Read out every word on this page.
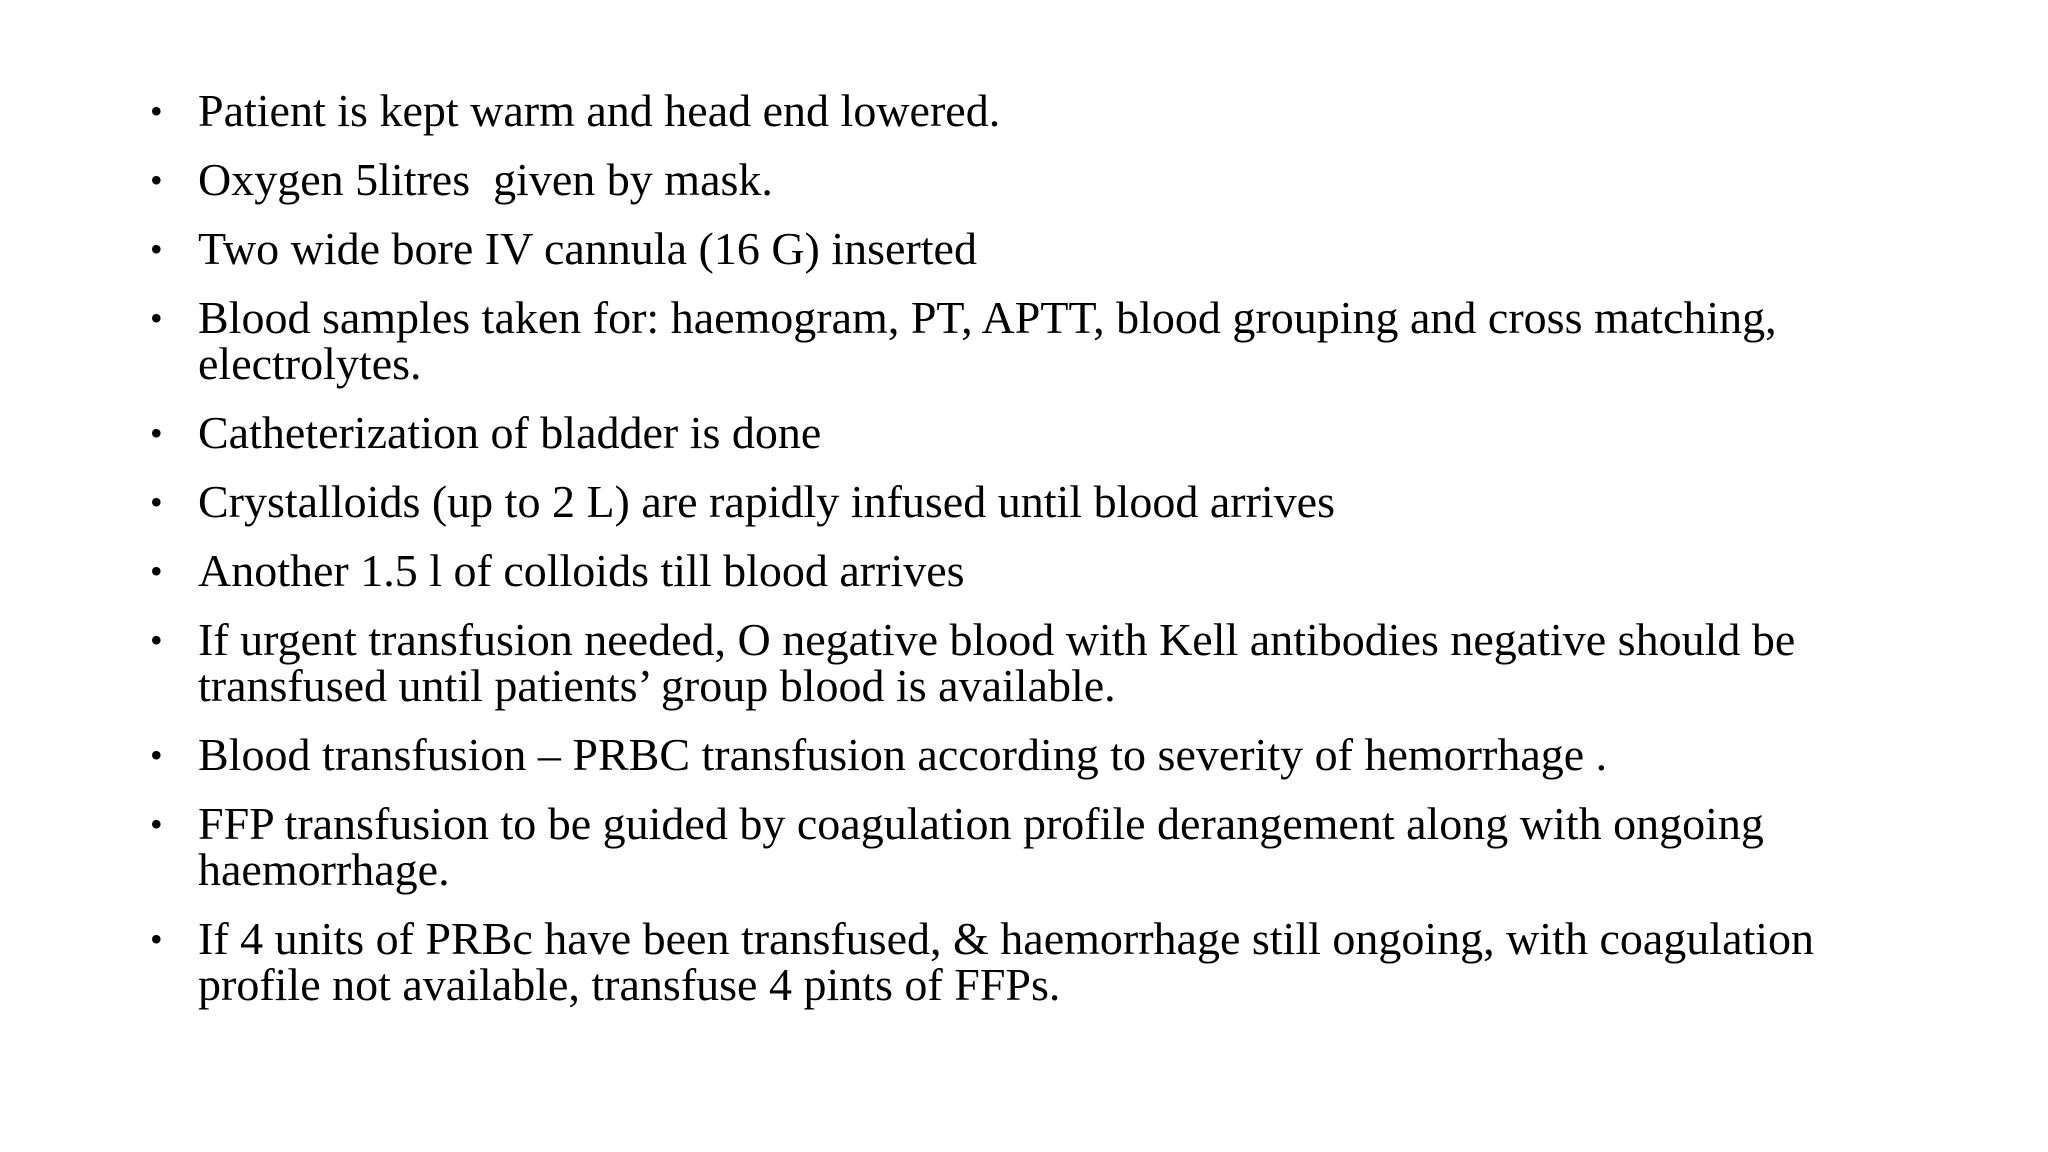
• Patient is kept warm and head end lowered.
• Oxygen 5litres  given by mask.
• Two wide bore IV cannula (16 G) inserted
• Blood samples taken for: haemogram, PT, APTT, blood grouping and cross matching, electrolytes.
• Catheterization of bladder is done
• Crystalloids (up to 2 L) are rapidly infused until blood arrives
• Another 1.5 l of colloids till blood arrives
• If urgent transfusion needed, O negative blood with Kell antibodies negative should be transfused until patients’ group blood is available.
• Blood transfusion – PRBC transfusion according to severity of hemorrhage .
• FFP transfusion to be guided by coagulation profile derangement along with ongoing haemorrhage.
• If 4 units of PRBc have been transfused, & haemorrhage still ongoing, with coagulation profile not available, transfuse 4 pints of FFPs.
